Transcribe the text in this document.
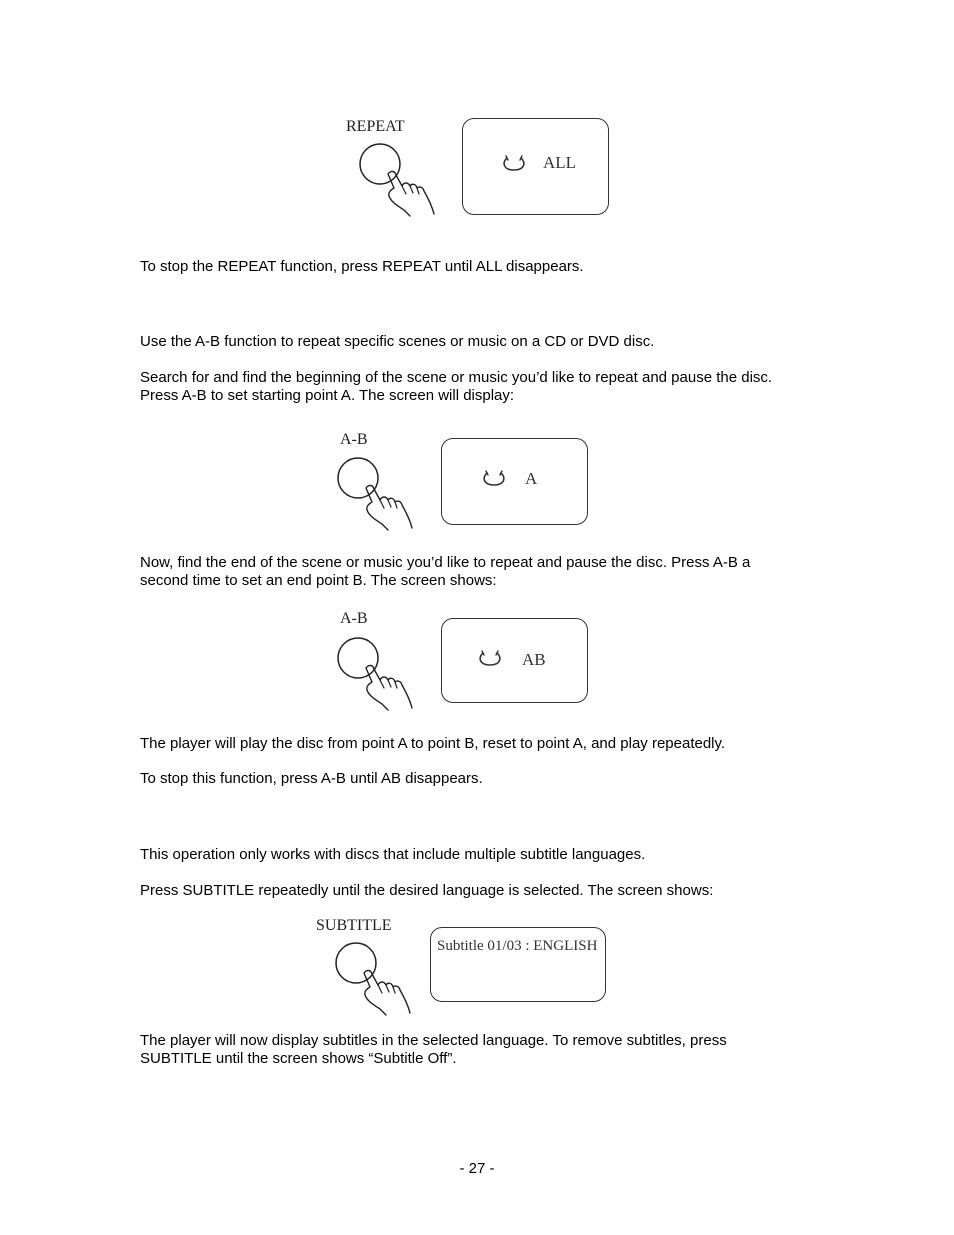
REPEAT
ALL

To stop the REPEAT function, press REPEAT until ALL disappears.

Use the A-B function to repeat specific scenes or music on a CD or DVD disc.

Search for and find the beginning of the scene or music you’d like to repeat and pause the disc. Press A-B to set starting point A. The screen will display:

A-B
A

Now, find the end of the scene or music you’d like to repeat and pause the disc. Press A-B a second time to set an end point B. The screen shows:

A-B
AB

The player will play the disc from point A to point B, reset to point A, and play repeatedly.

To stop this function, press A-B until AB disappears.

This operation only works with discs that include multiple subtitle languages.

Press SUBTITLE repeatedly until the desired language is selected. The screen shows:

SUBTITLE
Subtitle 01/03 : ENGLISH

The player will now display subtitles in the selected language. To remove subtitles, press SUBTITLE until the screen shows “Subtitle Off”.

- 27 -
